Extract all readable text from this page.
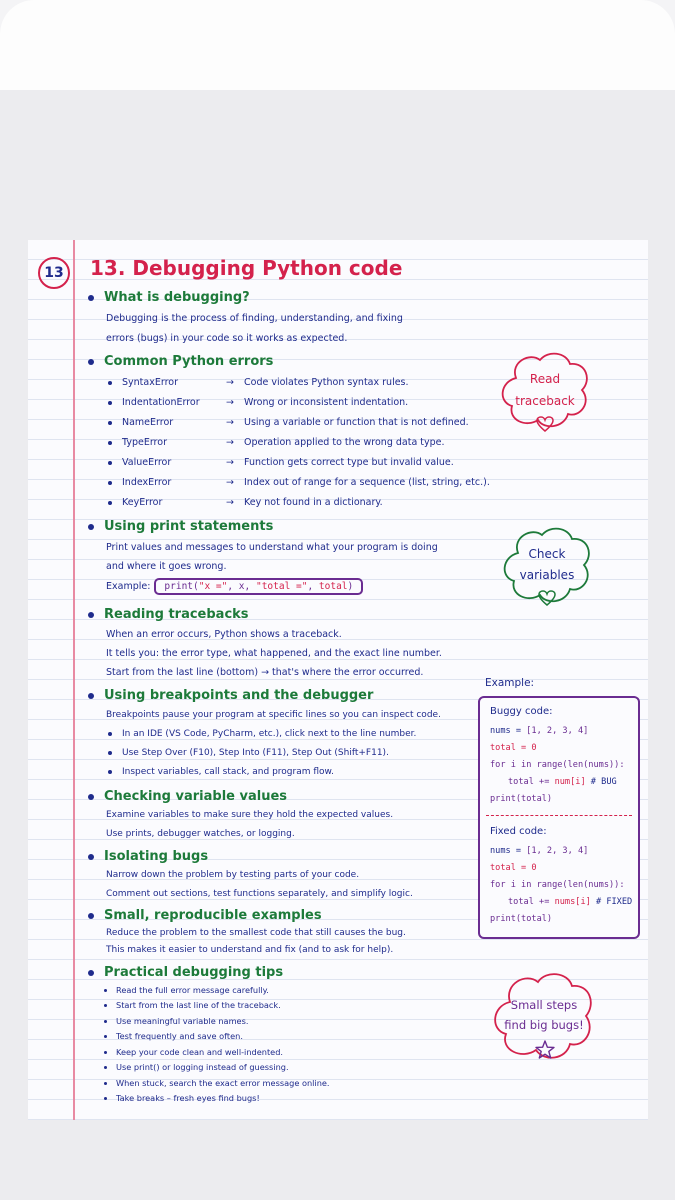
13	13. Debugging Python code
What is debugging?
Debugging is the process of finding, understanding, and fixing
errors (bugs) in your code so it works as expected.
Common Python errors
SyntaxError	→ Code violates Python syntax rules.
IndentationError	→ Wrong or inconsistent indentation.
NameError	→ Using a variable or function that is not defined.
TypeError	→ Operation applied to the wrong data type.
ValueError	→ Function gets correct type but invalid value.
IndexError	→ Index out of range for a sequence (list, string, etc.).
KeyError	→ Key not found in a dictionary.
Using print statements
Print values and messages to understand what your program is doing
and where it goes wrong.
Example: print("x =", x, "total =", total)
Reading tracebacks
When an error occurs, Python shows a traceback.
It tells you: the error type, what happened, and the exact line number.
Start from the last line (bottom) → that's where the error occurred.
Using breakpoints and the debugger
Breakpoints pause your program at specific lines so you can inspect code.
In an IDE (VS Code, PyCharm, etc.), click next to the line number.
Use Step Over (F10), Step Into (F11), Step Out (Shift+F11).
Inspect variables, call stack, and program flow.
Checking variable values
Examine variables to make sure they hold the expected values.
Use prints, debugger watches, or logging.
Isolating bugs
Narrow down the problem by testing parts of your code.
Comment out sections, test functions separately, and simplify logic.
Small, reproducible examples
Reduce the problem to the smallest code that still causes the bug.
This makes it easier to understand and fix (and to ask for help).
Practical debugging tips
Read the full error message carefully.
Start from the last line of the traceback.
Use meaningful variable names.
Test frequently and save often.
Keep your code clean and well-indented.
Use print() or logging instead of guessing.
When stuck, search the exact error message online.
Take breaks – fresh eyes find bugs!
Read
traceback
Check
variables
Example:
Buggy code:
nums = [1, 2, 3, 4]
total = 0
for i in range(len(nums)):
total += num[i] # BUG
print(total)
Fixed code:
nums = [1, 2, 3, 4]
total = 0
for i in range(len(nums)):
total += nums[i] # FIXED
print(total)
Small steps
find big bugs!
